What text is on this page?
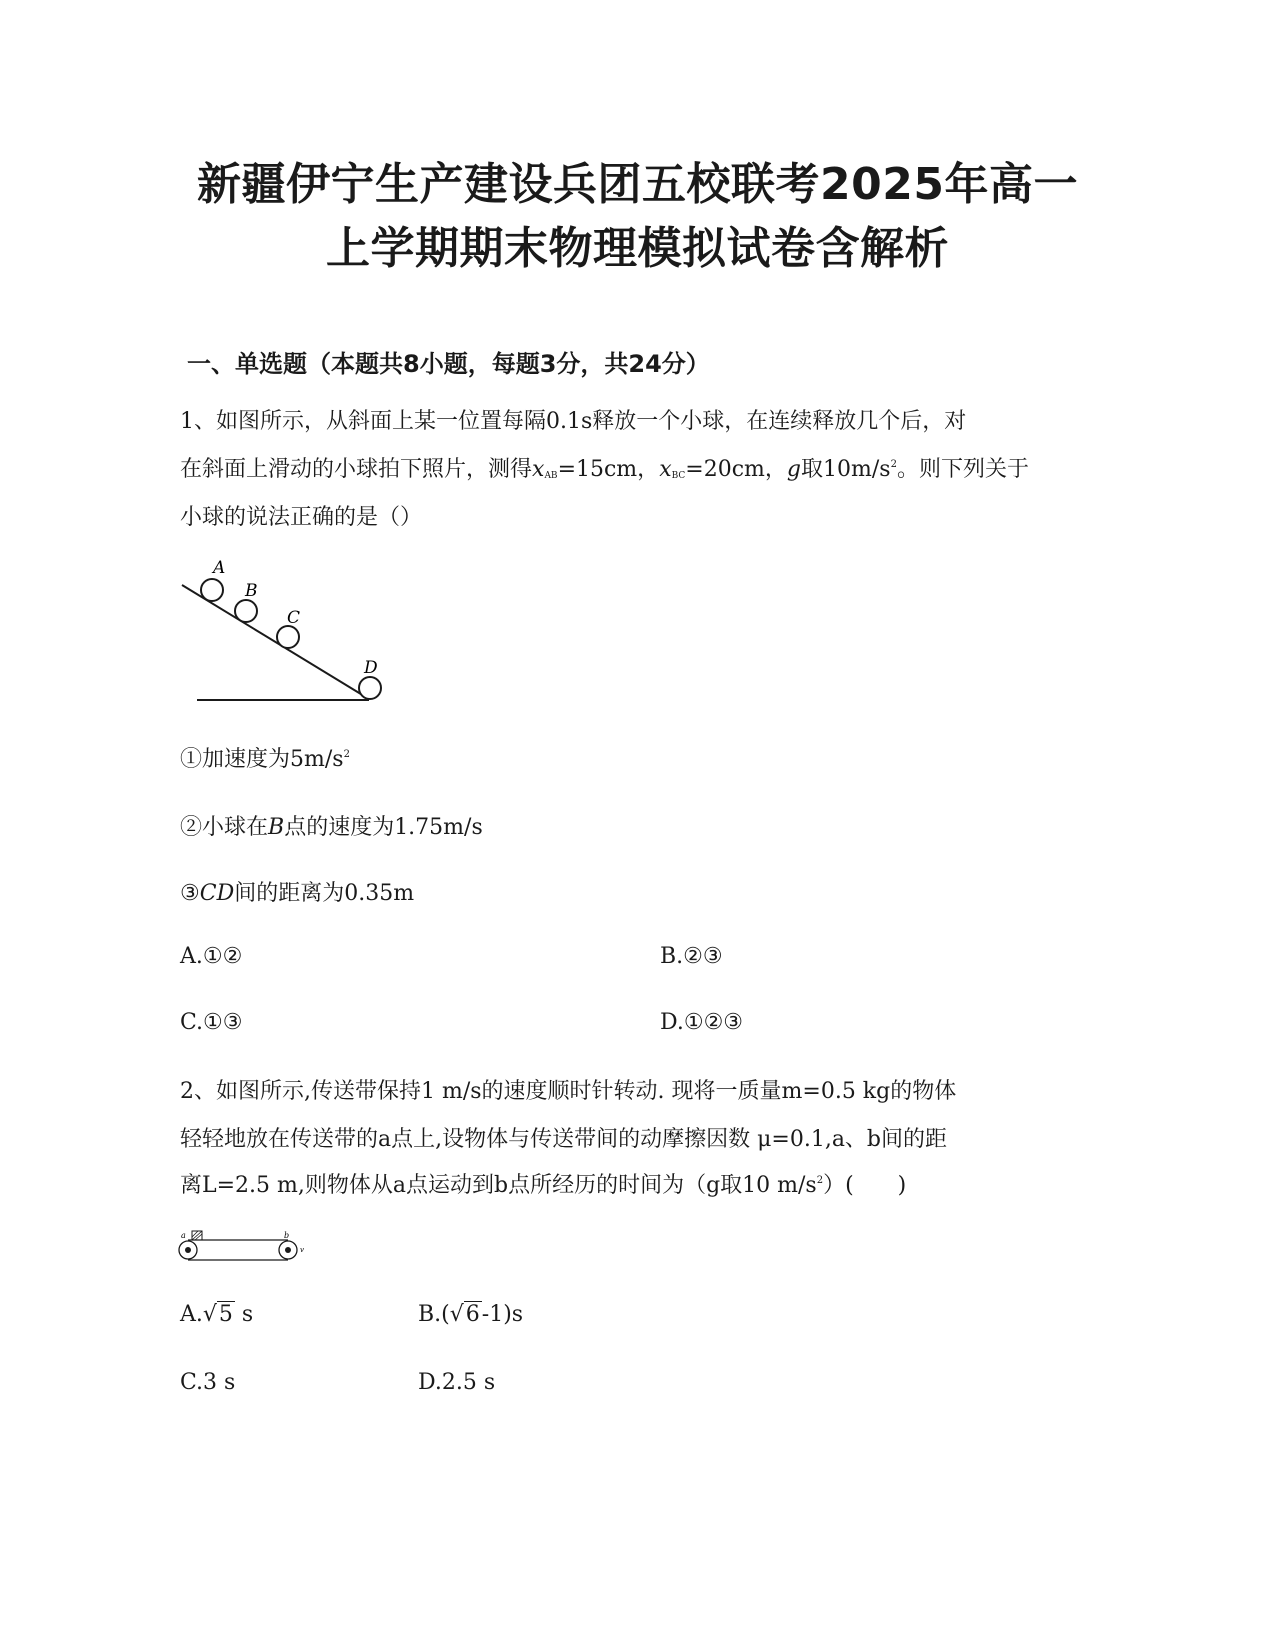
新疆伊宁生产建设兵团五校联考2025年高一
上学期期末物理模拟试卷含解析
一、单选题（本题共8小题，每题3分，共24分）
1、如图所示，从斜面上某一位置每隔0.1s释放一个小球，在连续释放几个后，对
在斜面上滑动的小球拍下照片，测得$x_{AB}=15cm$，$x_{BC}=20cm$，g取$10m/s^2$。则下列关于
小球的说法正确的是（）
A
B
C
D
①加速度为$5m/s^2$
②小球在B点的速度为1.75m/s
③CD间的距离为0.35m
A.①②	B.②③
C.①③	D.①②③
2、如图所示,传送带保持1 m/s的速度顺时针转动. 现将一质量m=0.5 kg的物体
轻轻地放在传送带的a点上,设物体与传送带间的动摩擦因数 μ=0.1,a、b间的距
离L=2.5 m,则物体从a点运动到b点所经历的时间为（g取10 $m/s^2$）(　　)
a	b
v
A.√5 s	B.(√6-1)s
C.3 s	D.2.5 s
